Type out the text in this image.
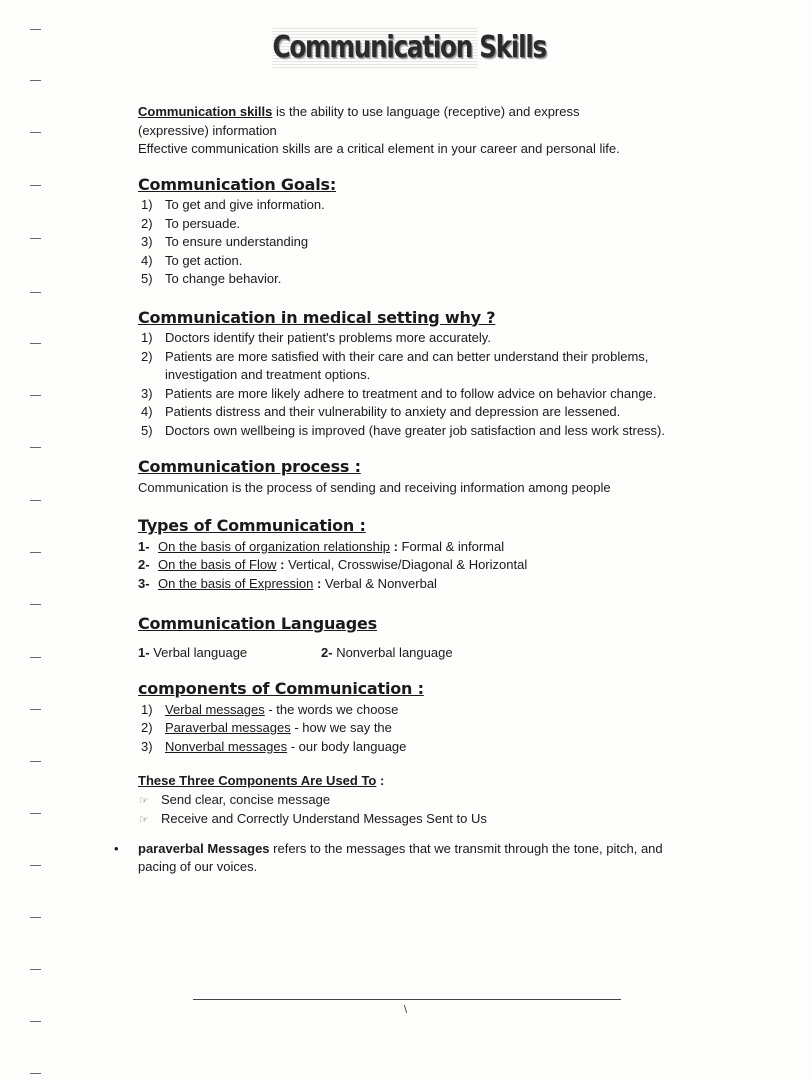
Communication Skills
Communication skills is the ability to use language (receptive) and express
(expressive) information
Effective communication skills are a critical element in your career and personal life.
Communication Goals:
1) To get and give information.
2) To persuade.
3) To ensure understanding
4) To get action.
5) To change behavior.
Communication in medical setting why ?
1) Doctors identify their patient's problems more accurately.
2) Patients are more satisfied with their care and can better understand their problems, investigation and treatment options.
3) Patients are more likely adhere to treatment and to follow advice on behavior change.
4) Patients distress and their vulnerability to anxiety and depression are lessened.
5) Doctors own wellbeing is improved (have greater job satisfaction and less work stress).
Communication process :
Communication is the process of sending and receiving information among people
Types of Communication :
1- On the basis of organization relationship : Formal & informal
2- On the basis of Flow : Vertical, Crosswise/Diagonal & Horizontal
3- On the basis of Expression : Verbal & Nonverbal
Communication Languages
1- Verbal language	2- Nonverbal language
components of Communication :
1) Verbal messages - the words we choose
2) Paraverbal messages - how we say the
3) Nonverbal messages - our body language
These Three Components Are Used To :
☞ Send clear, concise message
☞ Receive and Correctly Understand Messages Sent to Us
• paraverbal Messages refers to the messages that we transmit through the tone, pitch, and pacing of our voices.
\
